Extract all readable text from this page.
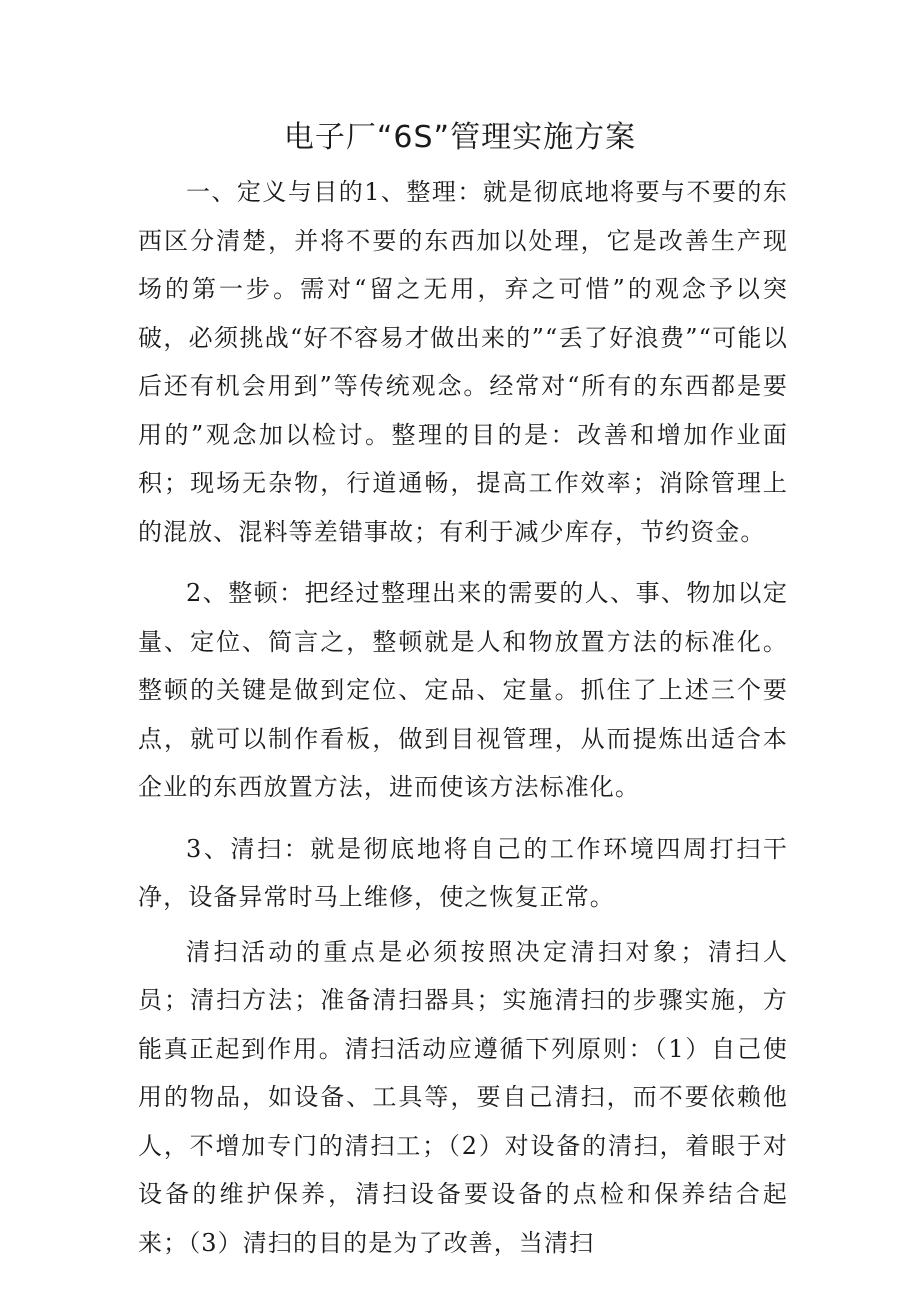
电子厂“6S”管理实施方案

一、定义与目的1、整理：就是彻底地将要与不要的东西区分清楚，并将不要的东西加以处理，它是改善生产现场的第一步。需对“留之无用，弃之可惜”的观念予以突破，必须挑战“好不容易才做出来的”“丢了好浪费”“可能以后还有机会用到”等传统观念。经常对“所有的东西都是要用的”观念加以检讨。整理的目的是：改善和增加作业面积；现场无杂物，行道通畅，提高工作效率；消除管理上的混放、混料等差错事故；有利于减少库存，节约资金。

2、整顿：把经过整理出来的需要的人、事、物加以定量、定位、简言之，整顿就是人和物放置方法的标准化。整顿的关键是做到定位、定品、定量。抓住了上述三个要点，就可以制作看板，做到目视管理，从而提炼出适合本企业的东西放置方法，进而使该方法标准化。

3、清扫：就是彻底地将自己的工作环境四周打扫干净，设备异常时马上维修，使之恢复正常。

清扫活动的重点是必须按照决定清扫对象；清扫人员；清扫方法；准备清扫器具；实施清扫的步骤实施，方能真正起到作用。清扫活动应遵循下列原则：（1）自己使用的物品，如设备、工具等，要自己清扫，而不要依赖他人，不增加专门的清扫工；（2）对设备的清扫，着眼于对设备的维护保养，清扫设备要设备的点检和保养结合起来；（3）清扫的目的是为了改善，当清扫
